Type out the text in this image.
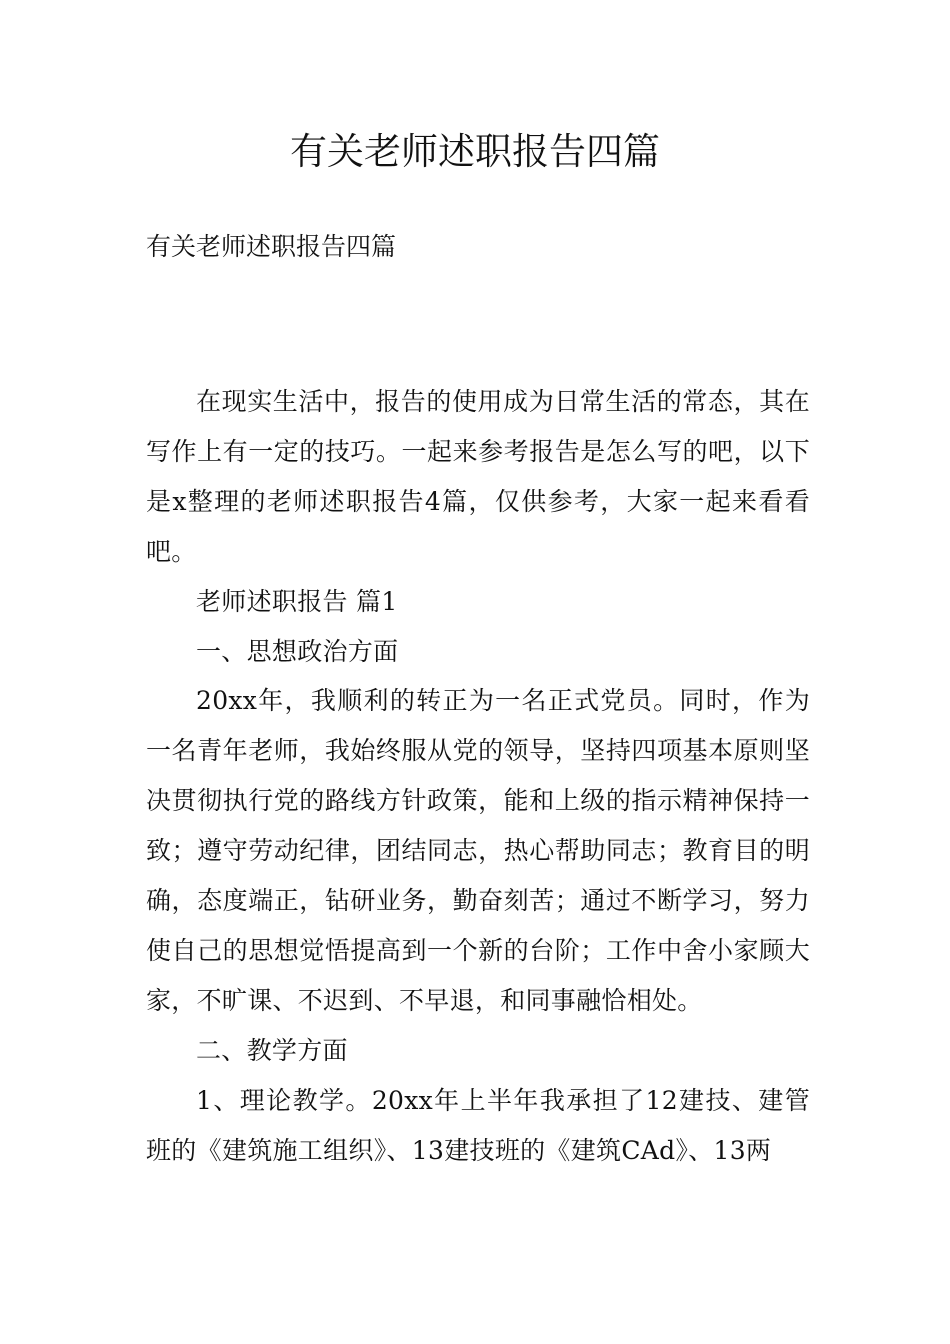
有关老师述职报告四篇

有关老师述职报告四篇

在现实生活中，报告的使用成为日常生活的常态，其在写作上有一定的技巧。一起来参考报告是怎么写的吧，以下是x整理的老师述职报告4篇，仅供参考，大家一起来看看吧。

老师述职报告 篇1

一、思想政治方面

20xx年，我顺利的转正为一名正式党员。同时，作为一名青年老师，我始终服从党的领导，坚持四项基本原则坚决贯彻执行党的路线方针政策，能和上级的指示精神保持一致；遵守劳动纪律，团结同志，热心帮助同志；教育目的明确，态度端正，钻研业务，勤奋刻苦；通过不断学习，努力使自己的思想觉悟提高到一个新的台阶；工作中舍小家顾大家，不旷课、不迟到、不早退，和同事融恰相处。

二、教学方面

1、理论教学。20xx年上半年我承担了12建技、建管班的《建筑施工组织》、13建技班的《建筑CAd》、13两
